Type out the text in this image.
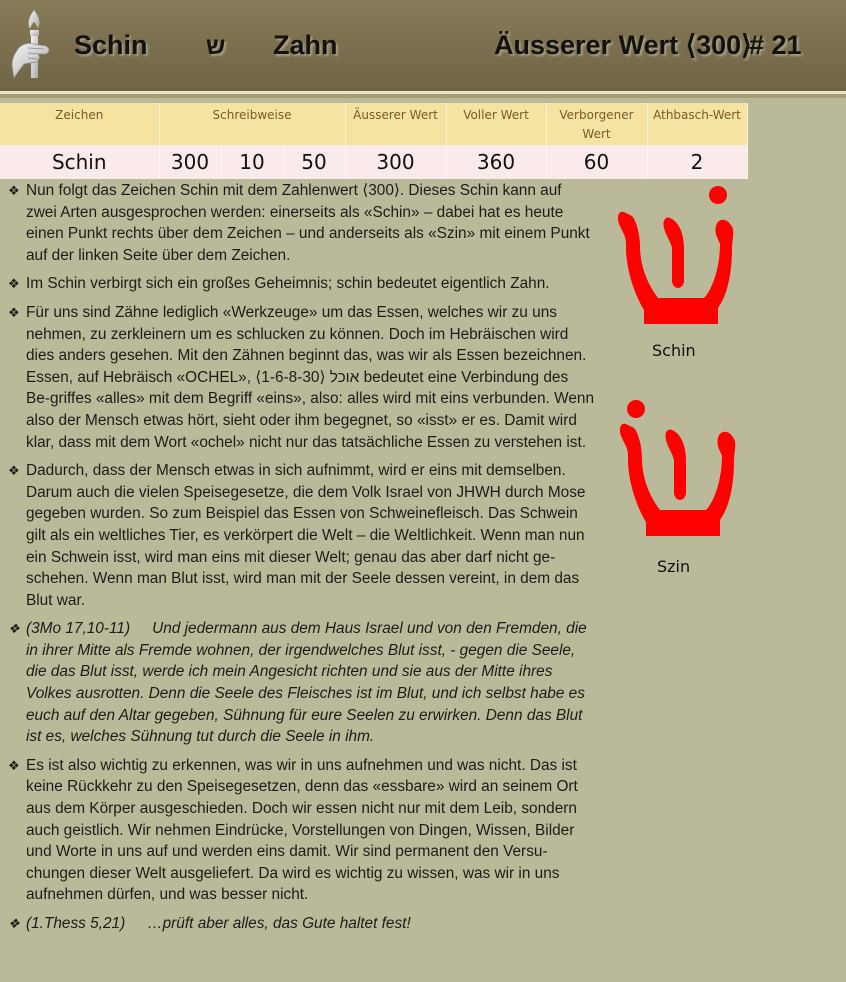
Schin ש Zahn	Äusserer Wert ⟨300⟩
# 21
Zeichen	Schreibweise			Äusserer Wert	Voller Wert	Verborgener Wert	Athbasch-Wert
Schin	300	10	50	300	360	60	2
❖ Nun folgt das Zeichen Schin mit dem Zahlenwert ⟨300⟩. Dieses Schin kann auf zwei Arten ausgesprochen werden: einerseits als «Schin» – dabei hat es heute einen Punkt rechts über dem Zeichen – und anderseits als «Szin» mit einem Punkt auf der linken Seite über dem Zeichen.
❖ Im Schin verbirgt sich ein großes Geheimnis; schin bedeutet eigentlich Zahn.
❖ Für uns sind Zähne lediglich «Werkzeuge» um das Essen, welches wir zu uns nehmen, zu zerkleinern um es schlucken zu können. Doch im Hebräischen wird dies anders gesehen. Mit den Zähnen beginnt das, was wir als Essen bezeichnen. Essen, auf Hebräisch «OCHEL», אוכל ⟨1-6-8-30⟩ bedeutet eine Verbindung des Be-griffes «alles» mit dem Begriff «eins», also: alles wird mit eins verbunden. Wenn also der Mensch etwas hört, sieht oder ihm begegnet, so «isst» er es. Damit wird klar, dass mit dem Wort «ochel» nicht nur das tatsächliche Essen zu verstehen ist.
❖ Dadurch, dass der Mensch etwas in sich aufnimmt, wird er eins mit demselben. Darum auch die vielen Speisegesetze, die dem Volk Israel von JHWH durch Mose gegeben wurden. So zum Beispiel das Essen von Schweinefleisch. Das Schwein gilt als ein weltliches Tier, es verkörpert die Welt – die Weltlichkeit. Wenn man nun ein Schwein isst, wird man eins mit dieser Welt; genau das aber darf nicht ge-schehen. Wenn man Blut isst, wird man mit der Seele dessen vereint, in dem das Blut war.
❖ (3Mo 17,10-11) Und jedermann aus dem Haus Israel und von den Fremden, die in ihrer Mitte als Fremde wohnen, der irgendwelches Blut isst, - gegen die Seele, die das Blut isst, werde ich mein Angesicht richten und sie aus der Mitte ihres Volkes ausrotten. ׃Denn die Seele des Fleisches ist im Blut, und ich selbst habe es euch auf den Altar gegeben, Sühnung für eure Seelen zu erwirken. Denn das Blut ist es, welches Sühnung tut durch die Seele in ihm.
❖ Es ist also wichtig zu erkennen, was wir in uns aufnehmen und was nicht. Das ist keine Rückkehr zu den Speisegesetzen, denn das «essbare» wird an seinem Ort aus dem Körper ausgeschieden. Doch wir essen nicht nur mit dem Leib, sondern auch geistlich. Wir nehmen Eindrücke, Vorstellungen von Dingen, Wissen, Bilder und Worte in uns auf und werden eins damit. Wir sind permanent den Versu-chungen dieser Welt ausgeliefert. Da wird es wichtig zu wissen, was wir in uns aufnehmen dürfen, und was besser nicht.
❖ (1.Thess 5,21) …prüft aber alles, das Gute haltet fest!
Schin
Szin
